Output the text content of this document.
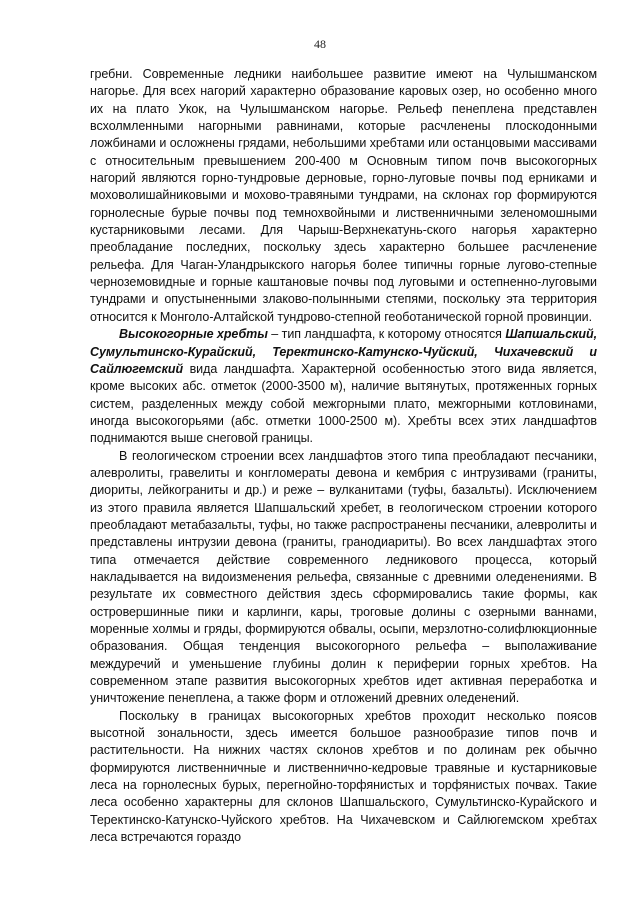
48

гребни. Современные ледники наибольшее развитие имеют на Чулышманском нагорье. Для всех нагорий характерно образование каровых озер, но особенно много их на плато Укок, на Чулышманском нагорье. Рельеф пенеплена представлен всхолмленными нагорными равнинами, которые расчленены плоскодонными ложбинами и осложнены грядами, небольшими хребтами или останцовыми массивами с относительным превышением 200-400 м Основным типом почв высокогорных нагорий являются горно-тундровые дерновые, горно-луговые почвы под ерниками и моховолишайниковыми и мохово-травяными тундрами, на склонах гор формируются горнолесные бурые почвы под темнохвойными и лиственничными зеленомошными кустарниковыми лесами. Для Чарыш-Верхнекатунь-ского нагорья характерно преобладание последних, поскольку здесь характерно большее расчленение рельефа. Для Чаган-Уландрыкского нагорья более типичны горные лугово-степные черноземовидные и горные каштановые почвы под луговыми и остепненно-луговыми тундрами и опустыненными злаково-полынными степями, поскольку эта территория относится к Монголо-Алтайской тундрово-степной геоботанической горной провинции.

Высокогорные хребты – тип ландшафта, к которому относятся Шапшальский, Сумультинско-Курайский, Теректинско-Катунско-Чуйский, Чихачевский и Сайлюгемский вида ландшафта. Характерной особенностью этого вида является, кроме высоких абс. отметок (2000-3500 м), наличие вытянутых, протяженных горных систем, разделенных между собой межгорными плато, межгорными котловинами, иногда высокогорьями (абс. отметки 1000-2500 м). Хребты всех этих ландшафтов поднимаются выше снеговой границы.

В геологическом строении всех ландшафтов этого типа преобладают песчаники, алевролиты, гравелиты и конгломераты девона и кембрия с интрузивами (граниты, диориты, лейкограниты и др.) и реже – вулканитами (туфы, базальты). Исключением из этого правила является Шапшальский хребет, в геологическом строении которого преобладают метабазальты, туфы, но также распространены песчаники, алевролиты и представлены интрузии девона (граниты, гранодиариты). Во всех ландшафтах этого типа отмечается действие современного ледникового процесса, который накладывается на видоизменения рельефа, связанные с древними оледенениями. В результате их совместного действия здесь сформировались такие формы, как островершинные пики и карлинги, кары, троговые долины с озерными ваннами, моренные холмы и гряды, формируются обвалы, осыпи, мерзлотно-солифлюкционные образования. Общая тенденция высокогорного рельефа – выполаживание междуречий и уменьшение глубины долин к периферии горных хребтов. На современном этапе развития высокогорных хребтов идет активная переработка и уничтожение пенеплена, а также форм и отложений древних оледенений.

Поскольку в границах высокогорных хребтов проходит несколько поясов высотной зональности, здесь имеется большое разнообразие типов почв и растительности. На нижних частях склонов хребтов и по долинам рек обычно формируются лиственничные и лиственнично-кедровые травяные и кустарниковые леса на горнолесных бурых, перегнойно-торфянистых и торфянистых почвах. Такие леса особенно характерны для склонов Шапшальского, Сумультинско-Курайского и Теректинско-Катунско-Чуйского хребтов. На Чихачевском и Сайлюгемском хребтах леса встречаются гораздо
